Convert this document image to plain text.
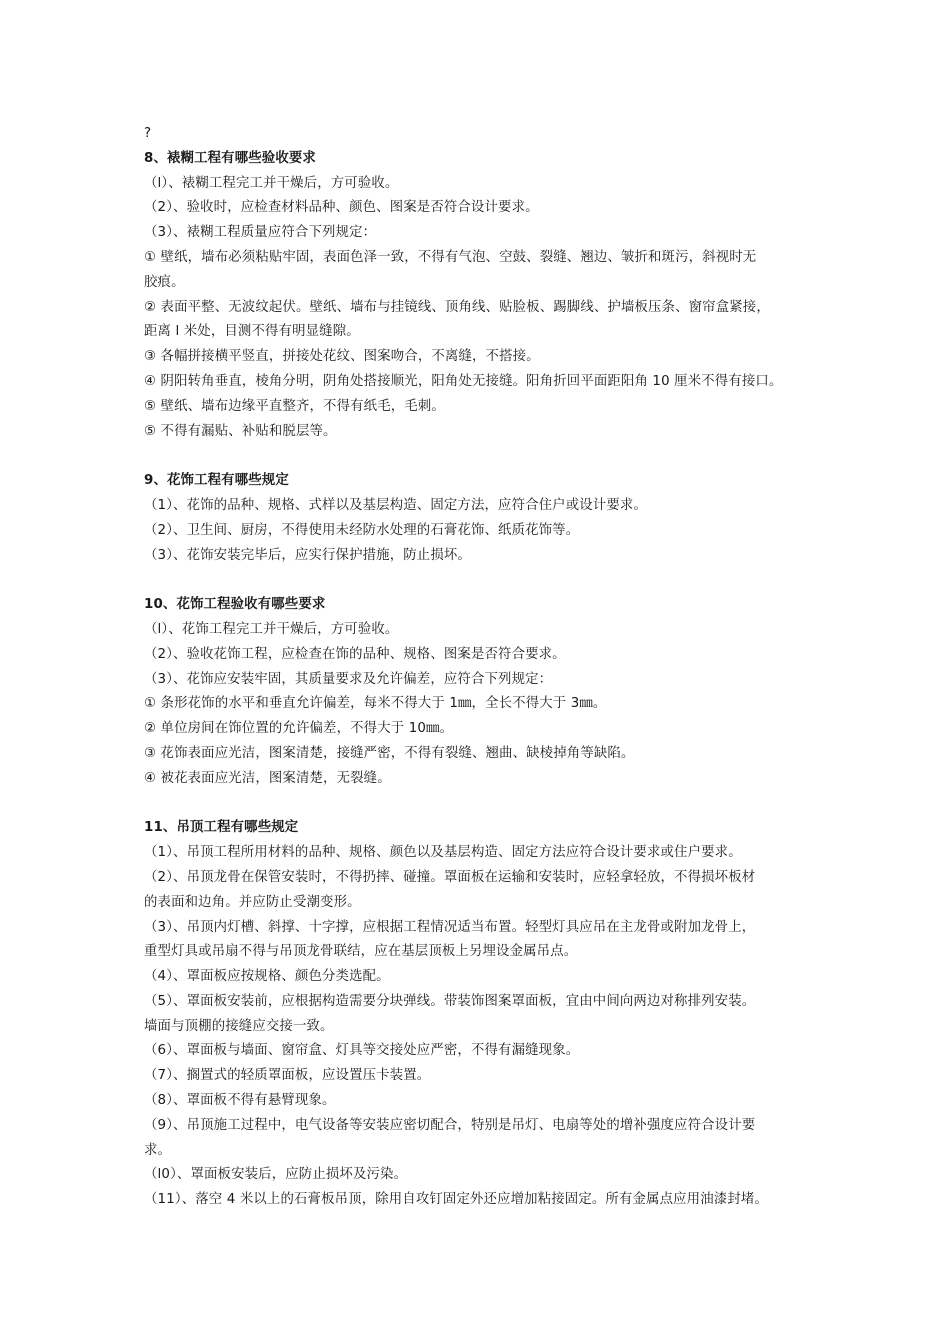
?
8、裱糊工程有哪些验收要求
（l）、裱糊工程完工并干燥后，方可验收。
（2）、验收时，应检查材料品种、颜色、图案是否符合设计要求。
（3）、裱糊工程质量应符合下列规定：
① 壁纸，墙布必须粘贴牢固，表面色泽一致，不得有气泡、空鼓、裂缝、翘边、皱折和斑污，斜视时无
胶痕。
② 表面平整、无波纹起伏。壁纸、墙布与挂镜线、顶角线、贴脸板、踢脚线、护墙板压条、窗帘盒紧接，
距离 l 米处，目测不得有明显缝隙。
③ 各幅拼接横平竖直，拼接处花纹、图案吻合，不离缝，不搭接。
④ 阴阳转角垂直，棱角分明，阴角处搭接顺光，阳角处无接缝。阳角折回平面距阳角 10 厘米不得有接口。
⑤ 壁纸、墙布边缘平直整齐，不得有纸毛，毛刺。
⑤ 不得有漏贴、补贴和脱层等。
9、花饰工程有哪些规定
（1）、花饰的品种、规格、式样以及基层构造、固定方法，应符合住户或设计要求。
（2）、卫生间、厨房，不得使用未经防水处理的石膏花饰、纸质花饰等。
（3）、花饰安装完毕后，应实行保护措施，防止损坏。
10、花饰工程验收有哪些要求
（l）、花饰工程完工并干燥后，方可验收。
（2）、验收花饰工程，应检查在饰的品种、规格、图案是否符合要求。
（3）、花饰应安装牢固，其质量要求及允许偏差，应符合下列规定：
① 条形花饰的水平和垂直允许偏差，每米不得大于 1㎜，全长不得大于 3㎜。
② 单位房间在饰位置的允许偏差，不得大于 10㎜。
③ 花饰表面应光洁，图案清楚，接缝严密，不得有裂缝、翘曲、缺棱掉角等缺陷。
④ 被花表面应光洁，图案清楚，无裂缝。
11、吊顶工程有哪些规定
（1）、吊顶工程所用材料的品种、规格、颜色以及基层构造、固定方法应符合设计要求或住户要求。
（2）、吊顶龙骨在保管安装时，不得扔摔、碰撞。罩面板在运输和安装时，应轻拿轻放，不得损坏板材
的表面和边角。并应防止受潮变形。
（3）、吊顶内灯槽、斜撑、十字撑，应根据工程情况适当布置。轻型灯具应吊在主龙骨或附加龙骨上，
重型灯具或吊扇不得与吊顶龙骨联结，应在基层顶板上另埋设金属吊点。
（4）、罩面板应按规格、颜色分类选配。
（5）、罩面板安装前，应根据构造需要分块弹线。带装饰图案罩面板，宜由中间向两边对称排列安装。
墙面与顶棚的接缝应交接一致。
（6）、罩面板与墙面、窗帘盒、灯具等交接处应严密，不得有漏缝现象。
（7）、搁置式的轻质罩面板，应设置压卡装置。
（8）、罩面板不得有悬臂现象。
（9）、吊顶施工过程中，电气设备等安装应密切配合，特别是吊灯、电扇等处的增补强度应符合设计要
求。
（l0）、罩面板安装后，应防止损坏及污染。
（11）、落空 4 米以上的石膏板吊顶，除用自攻钉固定外还应增加粘接固定。所有金属点应用油漆封堵。
